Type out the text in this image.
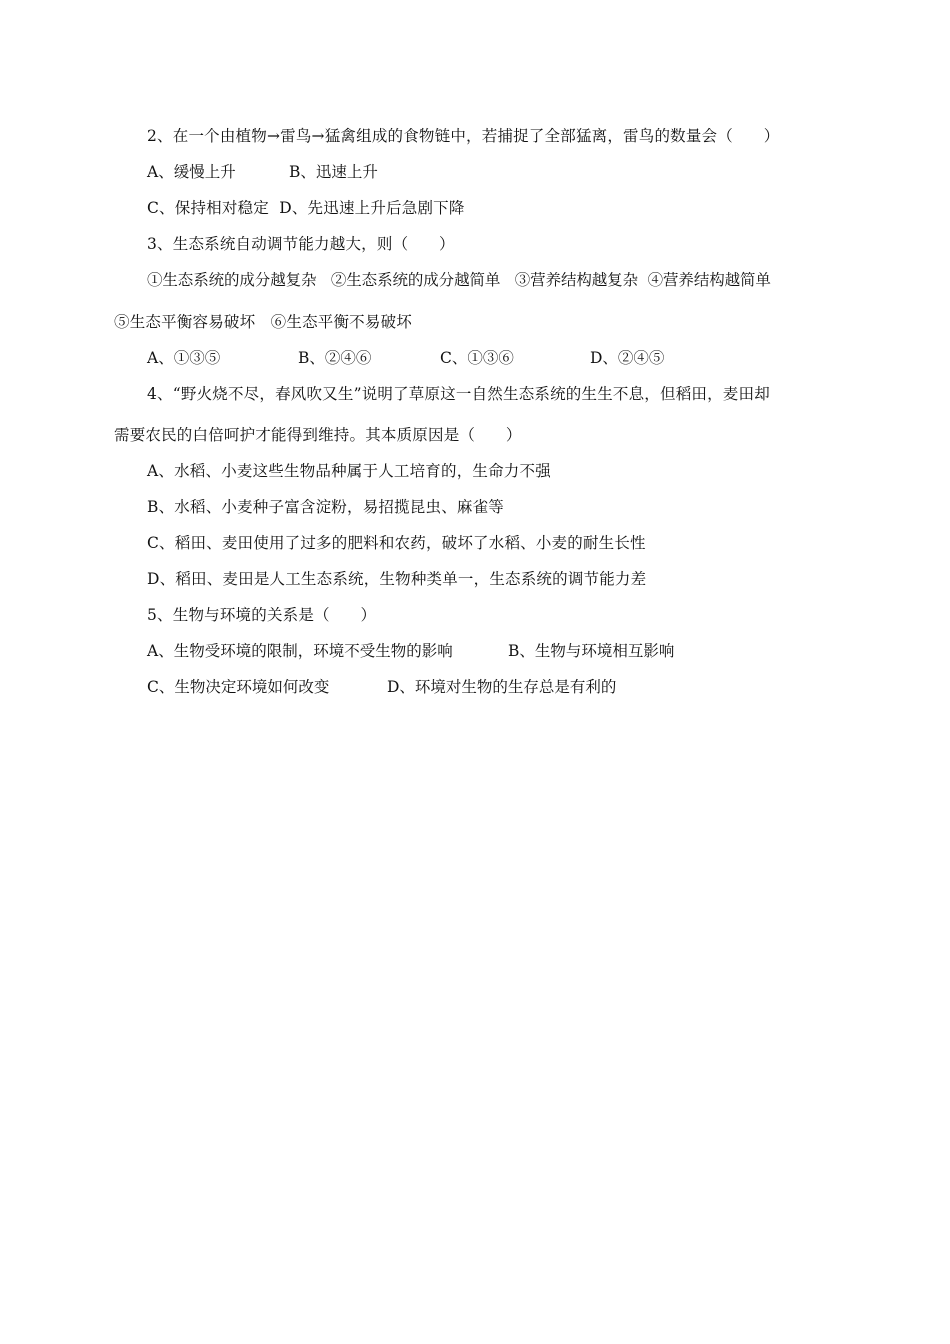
2、在一个由植物→雷鸟→猛禽组成的食物链中，若捕捉了全部猛离，雷鸟的数量会（      ）
A、缓慢上升	B、迅速上升
C、保持相对稳定  D、先迅速上升后急剧下降
3、生态系统自动调节能力越大，则（      ）
①生态系统的成分越复杂   ②生态系统的成分越简单   ③营养结构越复杂  ④营养结构越简单
⑤生态平衡容易破坏   ⑥生态平衡不易破坏
A、①③⑤	B、②④⑥	C、①③⑥	D、②④⑤
4、“野火烧不尽，春风吹又生”说明了草原这一自然生态系统的生生不息，但稻田，麦田却
需要农民的白倍呵护才能得到维持。其本质原因是（      ）
A、水稻、小麦这些生物品种属于人工培育的，生命力不强
B、水稻、小麦种子富含淀粉，易招揽昆虫、麻雀等
C、稻田、麦田使用了过多的肥料和农药，破坏了水稻、小麦的耐生长性
D、稻田、麦田是人工生态系统，生物种类单一，生态系统的调节能力差
5、生物与环境的关系是（      ）
A、生物受环境的限制，环境不受生物的影响	B、生物与环境相互影响
C、生物决定环境如何改变	D、环境对生物的生存总是有利的
